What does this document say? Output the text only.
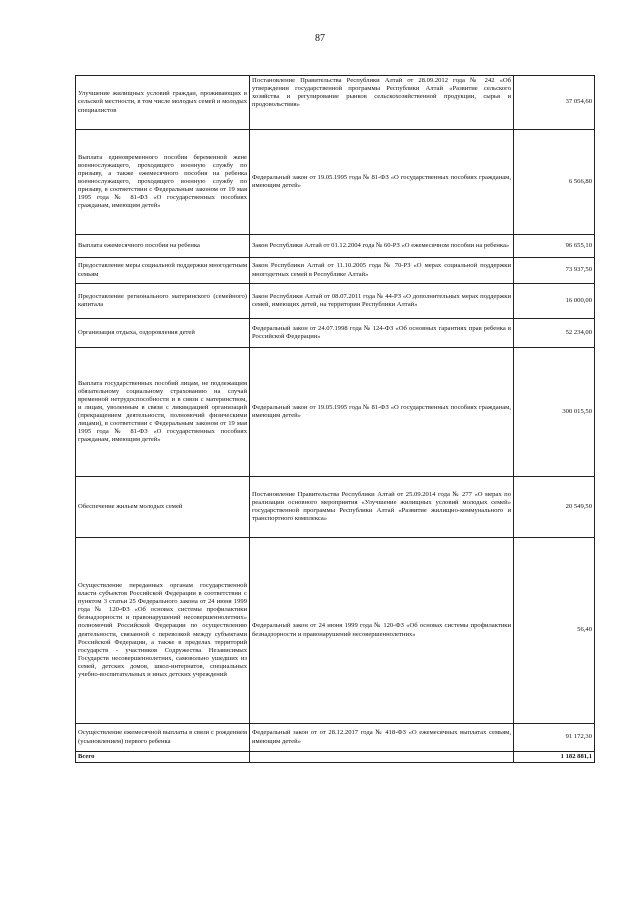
87
Улучшение жилищных условий граждан, проживающих в сельской местности, в том числе молодых семей и молодых специалистов	Постановление Правительства Республики Алтай от 28.09.2012 года № 242 «Об утверждении государственной программы Республики Алтай «Развитие сельского хозяйства и регулирование рынков сельскохозяйственной продукции, сырья и продовольствия»	37 054,60
Выплата единовременного пособия беременной жене военнослужащего, проходящего военную службу по призыву, а также ежемесячного пособия на ребенка военнослужащего, проходящего военную службу по призыву, в соответствии с Федеральным законом от 19 мая 1995 года № 81-ФЗ «О государственных пособиях гражданам, имеющим детей»	Федеральный закон от 19.05.1995 года № 81-ФЗ «О государственных пособиях гражданам, имеющим детей»	6 566,80
Выплата ежемесячного пособия на ребенка	Закон Республики Алтай от 01.12.2004 года № 60-РЗ «О ежемесячном пособии на ребенка»	96 655,10
Предоставление меры социальной поддержки многодетным семьям	Закон Республики Алтай от 11.10.2005 года № 70-РЗ «О мерах социальной поддержки многодетных семей в Республике Алтай»	73 937,50
Предоставление регионального материнского (семейного) капитала	Закон Республики Алтай от 08.07.2011 года № 44-РЗ «О дополнительных мерах поддержки семей, имеющих детей, на территории Республики Алтай»	16 000,00
Организация отдыха, оздоровления детей	Федеральный закон от 24.07.1998 года № 124-ФЗ «Об основных гарантиях прав ребенка в Российской Федерации»	52 234,00
Выплата государственных пособий лицам, не подлежащим обязательному социальному страхованию на случай временной нетрудоспособности и в связи с материнством, и лицам, уволенным в связи с ликвидацией организаций (прекращением деятельности, полномочий физическими лицами), в соответствии с Федеральным законом от 19 мая 1995 года № 81-ФЗ «О государственных пособиях гражданам, имеющим детей»	Федеральный закон от 19.05.1995 года № 81-ФЗ «О государственных пособиях гражданам, имеющим детей»	300 015,50
Обеспечение жильем молодых семей	Постановление Правительства Республики Алтай от 25.09.2014 года № 277 «О мерах по реализации основного мероприятия «Улучшение жилищных условий молодых семей» государственной программы Республики Алтай «Развитие жилищно-коммунального и транспортного комплекса»	20 549,50
Осуществление переданных органам государственной власти субъектов Российской Федерации в соответствии с пунктом 3 статьи 25 Федерального закона от 24 июня 1999 года № 120-ФЗ «Об основах системы профилактики безнадзорности и правонарушений несовершеннолетних» полномочий Российской Федерации по осуществлению деятельности, связанной с перевозкой между субъектами Российской Федерации, а также в пределах территорий государств - участников Содружества Независимых Государств несовершеннолетних, самовольно ушедших из семей, детских домов, школ-интернатов, специальных учебно-воспитательных и иных детских учреждений	Федеральный закон от 24 июня 1999 года № 120-ФЗ «Об основах системы профилактики безнадзорности и правонарушений несовершеннолетних»	56,40
Осуществление ежемесячной выплаты в связи с рождением (усыновлением) первого ребенка	Федеральный закон от от 28.12.2017 года № 418-ФЗ «О ежемесячных выплатах семьям, имеющим детей»	91 172,30
Всего		1 182 881,1
